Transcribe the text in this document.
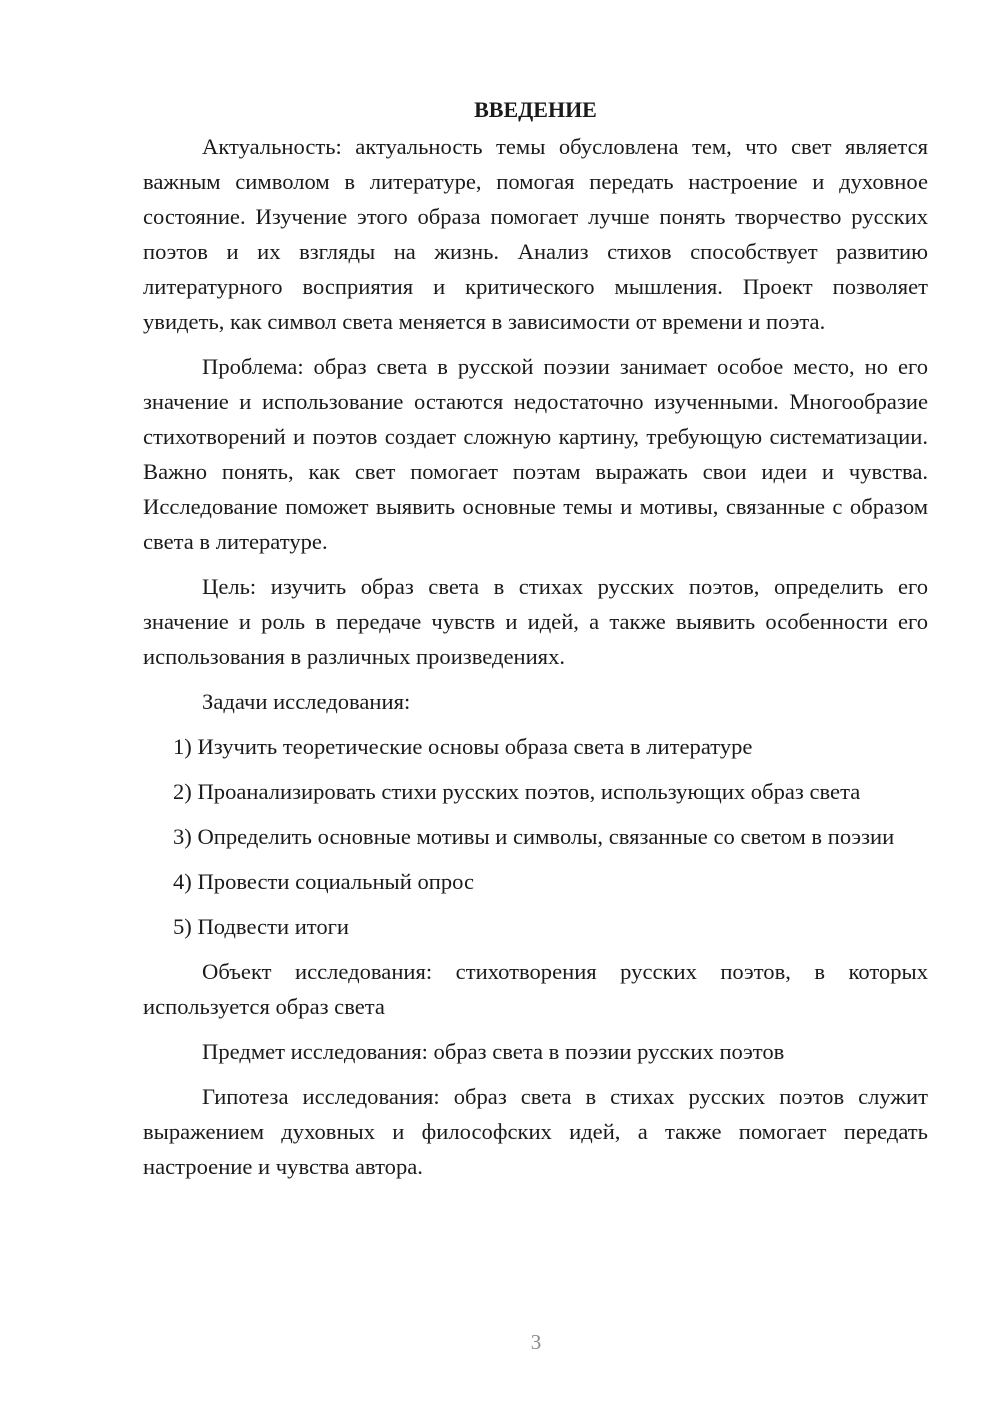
ВВЕДЕНИЕ

Актуальность: актуальность темы обусловлена тем, что свет является важным символом в литературе, помогая передать настроение и духовное состояние. Изучение этого образа помогает лучше понять творчество русских поэтов и их взгляды на жизнь. Анализ стихов способствует развитию литературного восприятия и критического мышления. Проект позволяет увидеть, как символ света меняется в зависимости от времени и поэта.

Проблема: образ света в русской поэзии занимает особое место, но его значение и использование остаются недостаточно изученными. Многообразие стихотворений и поэтов создает сложную картину, требующую систематизации. Важно понять, как свет помогает поэтам выражать свои идеи и чувства. Исследование поможет выявить основные темы и мотивы, связанные с образом света в литературе.

Цель: изучить образ света в стихах русских поэтов, определить его значение и роль в передаче чувств и идей, а также выявить особенности его использования в различных произведениях.

Задачи исследования:

1) Изучить теоретические основы образа света в литературе

2) Проанализировать стихи русских поэтов, использующих образ света

3) Определить основные мотивы и символы, связанные со светом в поэзии

4) Провести социальный опрос

5) Подвести итоги

Объект исследования: стихотворения русских поэтов, в которых используется образ света

Предмет исследования: образ света в поэзии русских поэтов

Гипотеза исследования: образ света в стихах русских поэтов служит выражением духовных и философских идей, а также помогает передать настроение и чувства автора.

3
